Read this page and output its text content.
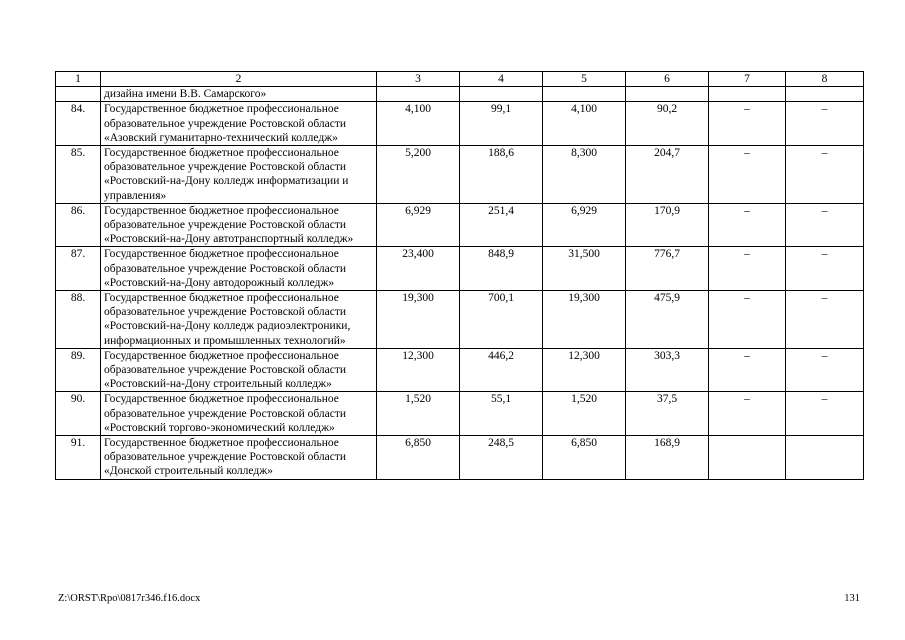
1	2	3	4	5	6	7	8
	дизайна имени В.В. Самарского»						
84.	Государственное бюджетное профессиональное образовательное учреждение Ростовской области «Азовский гуманитарно-технический колледж»	4,100	99,1	4,100	90,2	–	–
85.	Государственное бюджетное профессиональное образовательное учреждение Ростовской области «Ростовский-на-Дону колледж информатизации и управления»	5,200	188,6	8,300	204,7	–	–
86.	Государственное бюджетное профессиональное образовательное учреждение Ростовской области «Ростовский-на-Дону автотранспортный колледж»	6,929	251,4	6,929	170,9	–	–
87.	Государственное бюджетное профессиональное образовательное учреждение Ростовской области «Ростовский-на-Дону автодорожный колледж»	23,400	848,9	31,500	776,7	–	–
88.	Государственное бюджетное профессиональное образовательное учреждение Ростовской области «Ростовский-на-Дону колледж радиоэлектроники, информационных и промышленных технологий»	19,300	700,1	19,300	475,9	–	–
89.	Государственное бюджетное профессиональное образовательное учреждение Ростовской области «Ростовский-на-Дону строительный колледж»	12,300	446,2	12,300	303,3	–	–
90.	Государственное бюджетное профессиональное образовательное учреждение Ростовской области «Ростовский торгово-экономический колледж»	1,520	55,1	1,520	37,5	–	–
91.	Государственное бюджетное профессиональное образовательное учреждение Ростовской области «Донской строительный колледж»	6,850	248,5	6,850	168,9		
Z:\ORST\Rpo\0817r346.f16.docx	131
